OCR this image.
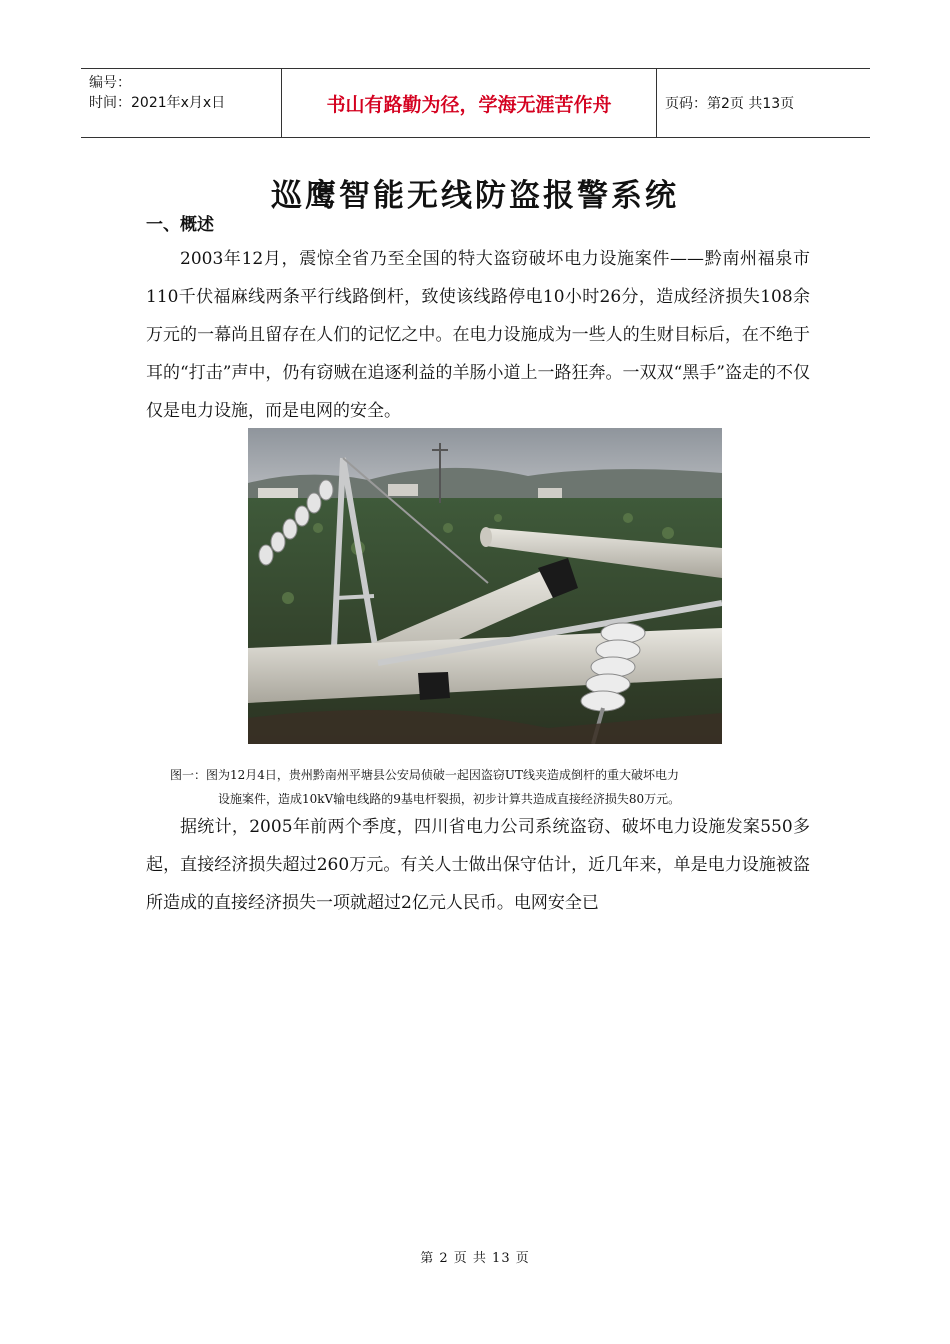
编号：
时间：2021年x月x日	书山有路勤为径，学海无涯苦作舟	页码：第2页 共13页
巡鹰智能无线防盗报警系统
一、概述

2003年12月，震惊全省乃至全国的特大盗窃破坏电力设施案件——黔南州福泉市110千伏福麻线两条平行线路倒杆，致使该线路停电10小时26分，造成经济损失108余万元的一幕尚且留存在人们的记忆之中。在电力设施成为一些人的生财目标后，在不绝于耳的“打击”声中，仍有窃贼在追逐利益的羊肠小道上一路狂奔。一双双“黑手”盗走的不仅仅是电力设施，而是电网的安全。

图一：图为12月4日，贵州黔南州平塘县公安局侦破一起因盗窃UT线夹造成倒杆的重大破坏电力
设施案件，造成10kV输电线路的9基电杆裂损，初步计算共造成直接经济损失80万元。

据统计，2005年前两个季度，四川省电力公司系统盗窃、破坏电力设施发案550多起，直接经济损失超过260万元。有关人士做出保守估计，近几年来，单是电力设施被盗所造成的直接经济损失一项就超过2亿元人民币。电网安全已

第 2 页 共 13 页
